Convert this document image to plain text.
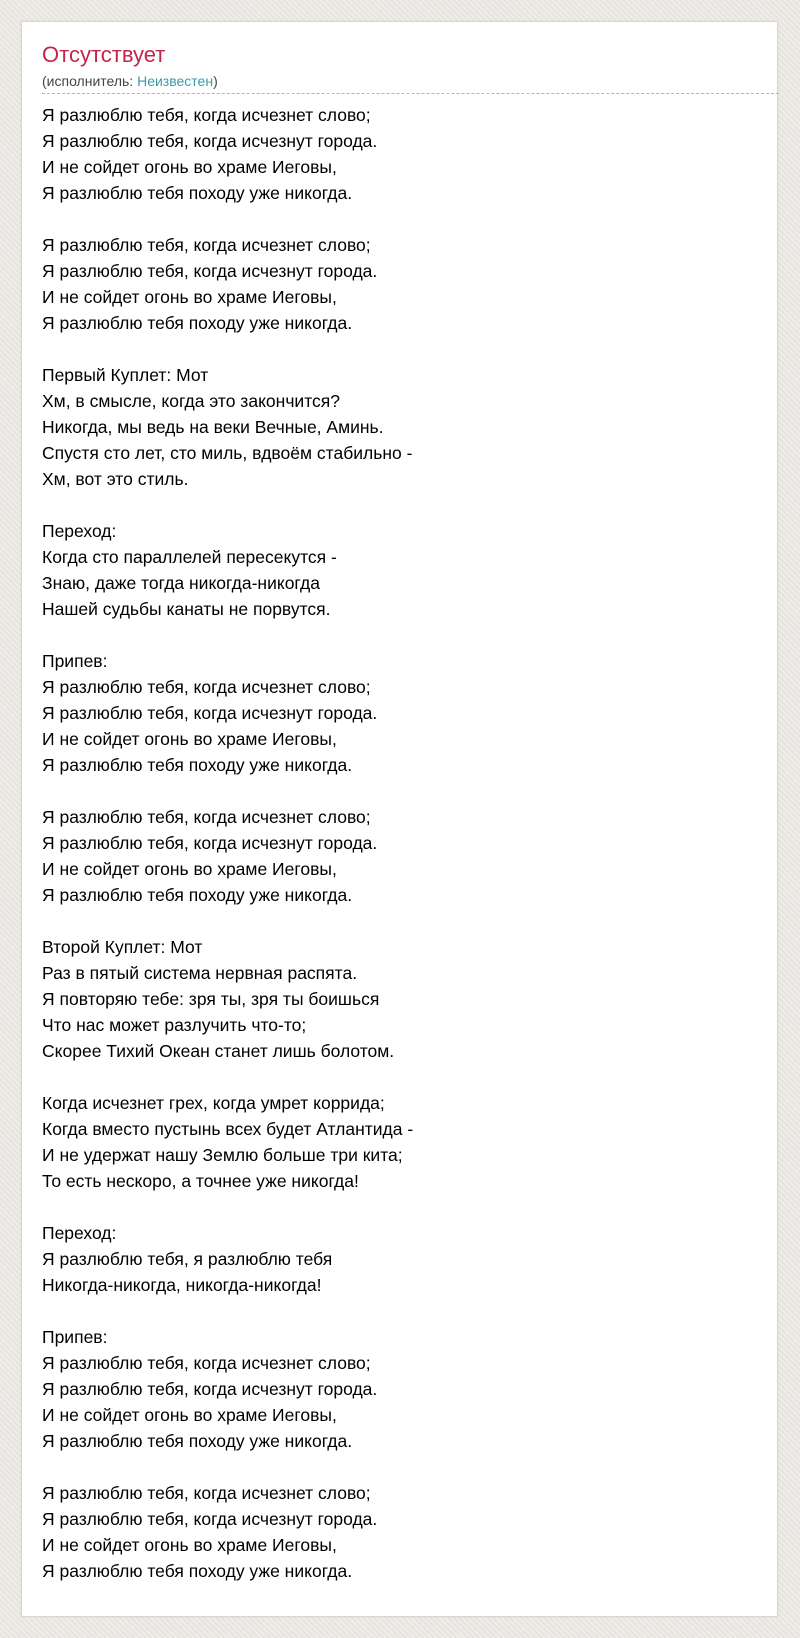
Отсутствует
(исполнитель: Неизвестен)
Я разлюблю тебя, когда исчезнет слово;
Я разлюблю тебя, когда исчезнут города.
И не сойдет огонь во храме Иеговы,
Я разлюблю тебя походу уже никогда.
Я разлюблю тебя, когда исчезнет слово;
Я разлюблю тебя, когда исчезнут города.
И не сойдет огонь во храме Иеговы,
Я разлюблю тебя походу уже никогда.
Первый Куплет: Мот
Хм, в смысле, когда это закончится?
Никогда, мы ведь на веки Вечные, Аминь.
Спустя сто лет, сто миль, вдвоём стабильно -
Хм, вот это стиль.
Переход:
Когда сто параллелей пересекутся -
Знаю, даже тогда никогда-никогда
Нашей судьбы канаты не порвутся.
Припев:
Я разлюблю тебя, когда исчезнет слово;
Я разлюблю тебя, когда исчезнут города.
И не сойдет огонь во храме Иеговы,
Я разлюблю тебя походу уже никогда.
Я разлюблю тебя, когда исчезнет слово;
Я разлюблю тебя, когда исчезнут города.
И не сойдет огонь во храме Иеговы,
Я разлюблю тебя походу уже никогда.
Второй Куплет: Мот
Раз в пятый система нервная распята.
Я повторяю тебе: зря ты, зря ты боишься
Что нас может разлучить что-то;
Скорее Тихий Океан станет лишь болотом.
Когда исчезнет грех, когда умрет коррида;
Когда вместо пустынь всех будет Атлантида -
И не удержат нашу Землю больше три кита;
То есть нескоро, а точнее уже никогда!
Переход:
Я разлюблю тебя, я разлюблю тебя
Никогда-никогда, никогда-никогда!
Припев:
Я разлюблю тебя, когда исчезнет слово;
Я разлюблю тебя, когда исчезнут города.
И не сойдет огонь во храме Иеговы,
Я разлюблю тебя походу уже никогда.
Я разлюблю тебя, когда исчезнет слово;
Я разлюблю тебя, когда исчезнут города.
И не сойдет огонь во храме Иеговы,
Я разлюблю тебя походу уже никогда.
